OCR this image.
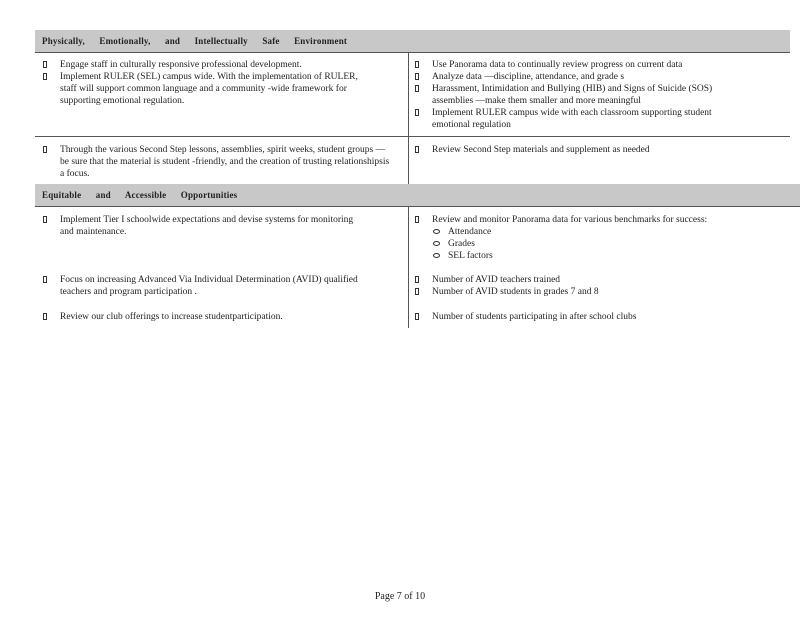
Physically, Emotionally, and Intellectually Safe Environment
Engage staff in culturally responsive professional development.
Implement RULER (SEL) campus wide. With the implementation of RULER, staff will support common language and a community -wide framework for supporting emotional regulation.
Use Panorama data to continually review progress on current data
Analyze data —discipline, attendance, and grade s
Harassment, Intimidation and Bullying (HIB) and Signs of Suicide (SOS) assemblies —make them smaller and more meaningful
Implement RULER campus wide with each classroom supporting student emotional regulation
Through the various Second Step lessons, assemblies, spirit weeks, student groups —be sure that the material is student -friendly, and the creation of trusting relationshipsis a focus.
Review Second Step materials and supplement as needed
Equitable and Accessible Opportunities
Implement Tier I schoolwide expectations and devise systems for monitoring and maintenance.
Review and monitor Panorama data for various benchmarks for success:
Attendance
Grades
SEL factors
Focus on increasing Advanced Via Individual Determination (AVID) qualified teachers and program participation .
Number of AVID teachers trained
Number of AVID students in grades 7 and 8
Review our club offerings to increase studentparticipation.	Number of students participating in after school clubs
Page 7 of 10
